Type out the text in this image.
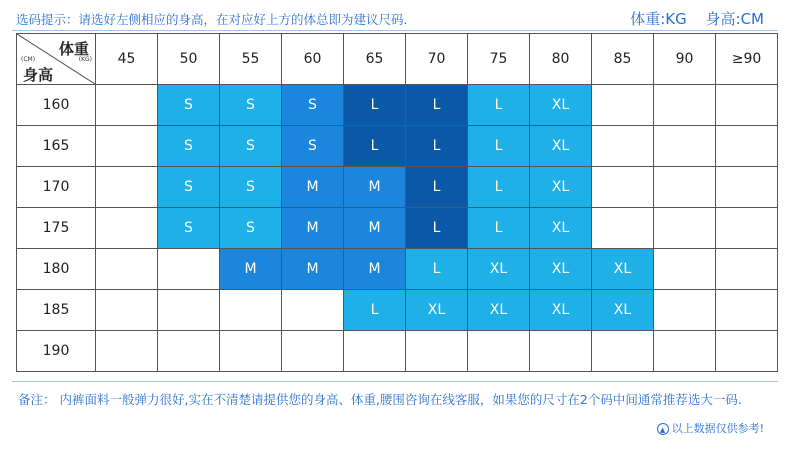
选码提示：请选好左侧相应的身高，在对应好上方的体总即为建议尺码.	体重:KG 身高:CM
体重
(KG)
(CM)
身高	45	50	55	60	65	70	75	80	85	90	≥90
160		S	S	S	L	L	L	XL			
165		S	S	S	L	L	L	XL			
170		S	S	M	M	L	L	XL			
175		S	S	M	M	L	L	XL			
180			M	M	M	L	XL	XL	XL		
185					L	XL	XL	XL	XL		
190											
备注： 内裤面料一般弹力很好,实在不清楚请提供您的身高、体重,腰围咨询在线客服，如果您的尺寸在2个码中间通常推荐选大一码.
▲ 以上数据仅供参考!
